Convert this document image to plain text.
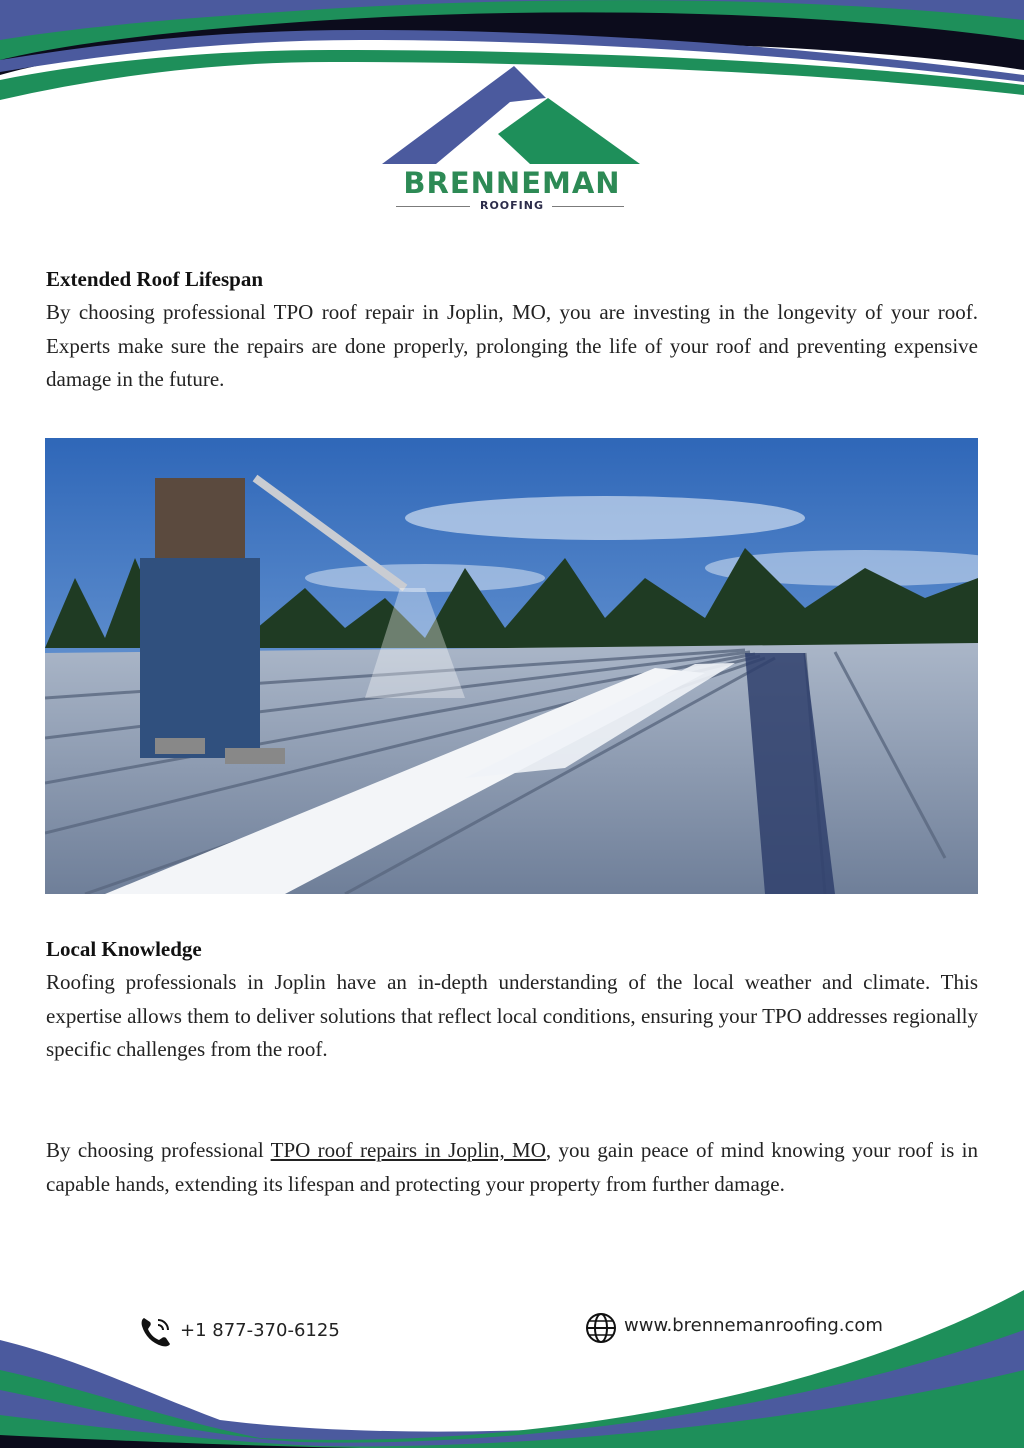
BRENNEMAN
ROOFING
Extended Roof Lifespan

By choosing professional TPO roof repair in Joplin, MO, you are investing in the longevity of your roof. Experts make sure the repairs are done properly, prolonging the life of your roof and preventing expensive damage in the future.

Local Knowledge

Roofing professionals in Joplin have an in-depth understanding of the local weather and climate. This expertise allows them to deliver solutions that reflect local conditions, ensuring your TPO addresses regionally specific challenges from the roof.

By choosing professional TPO roof repairs in Joplin, MO, you gain peace of mind knowing your roof is in capable hands, extending its lifespan and protecting your property from further damage.

+1 877-370-6125	www.brennemanroofing.com
